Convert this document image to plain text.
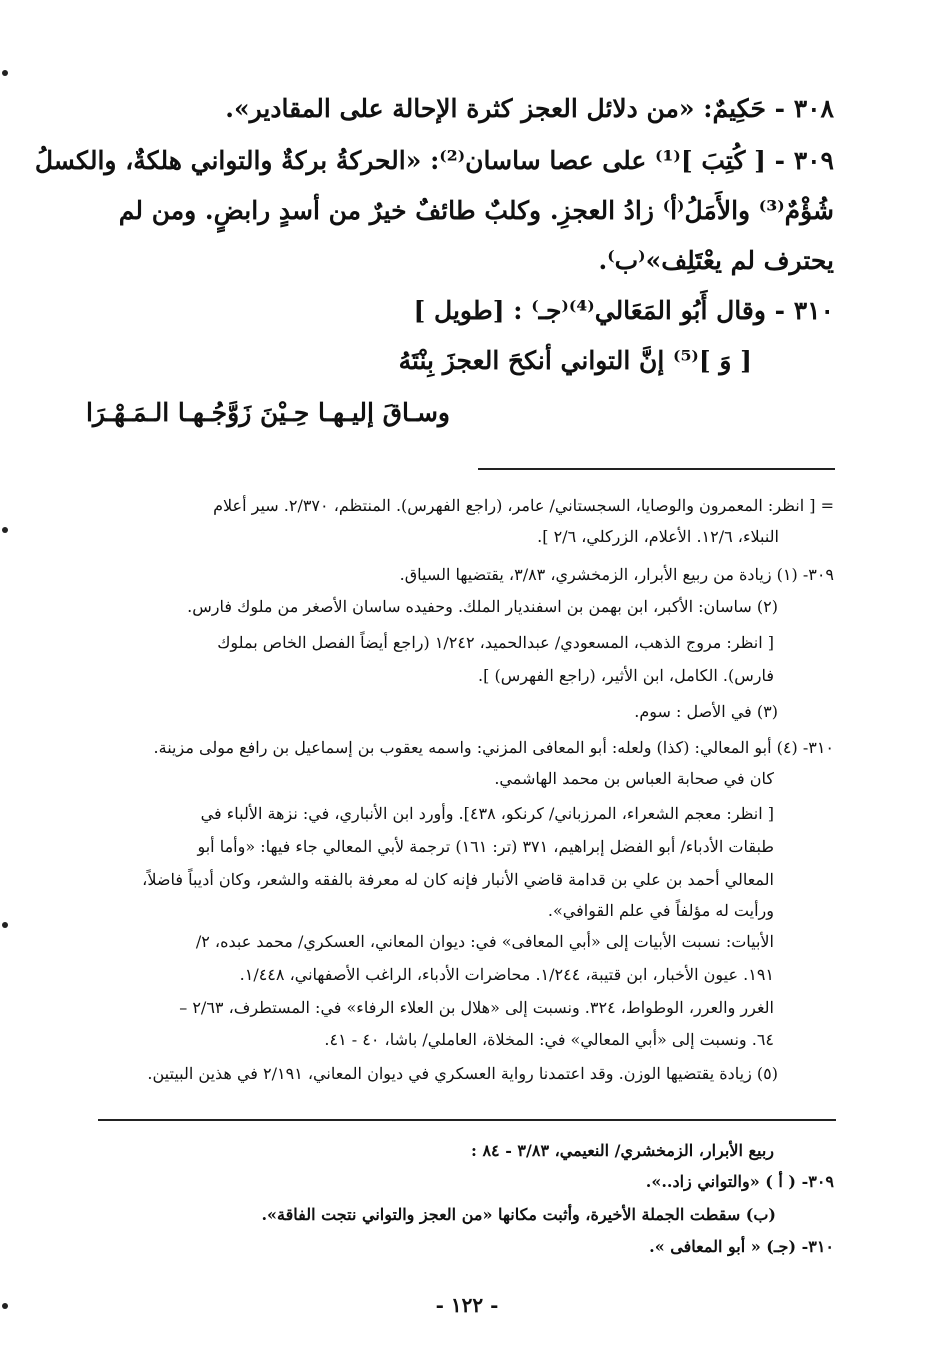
٣٠٨ - حَكِيمٌ: «من دلائل العجز كثرة الإحالة على المقادير».
٣٠٩ - [ كُتِبَ ]⁽¹⁾ على عصا ساسان⁽²⁾: «الحركةُ بركةٌ والتواني هلكةٌ، والكسلُ
شُؤْمٌ⁽³⁾ والأَمَلُ⁽أ⁾ زادُ العجزِ. وكلبٌ طائفٌ خيرٌ من أسدٍ رابضٍ. ومن لم
يحترف لم يعْتَلِف»⁽ب⁾.
٣١٠ - وقال أَبُو المَعَالي⁽⁴⁾⁽جـ⁾ : [طويل ]
[ وَ ]⁽⁵⁾ إنَّ التواني أنكحَ العجزَ بِنْتَهُ
وسـاقَ إليـهـا حِـيْنَ زَوَّجُـهـا الـمَـهْـرَا
= [ انظر: المعمرون والوصايا، السجستاني/ عامر، (راجع الفهرس). المنتظم، ٢/٣٧٠. سير أعلام
النبلاء، ١٢/٦. الأعلام، الزركلي، ٢/٦ ].
٣٠٩- (١) زيادة من ربيع الأبرار، الزمخشري، ٣/٨٣، يقتضيها السياق.
(٢) ساسان: الأكبر، ابن بهمن بن اسفنديار الملك. وحفيده ساسان الأصغر من ملوك فارس.
[ انظر: مروج الذهب، المسعودي/ عبدالحميد، ١/٢٤٢ (راجع أيضاً الفصل الخاص بملوك
فارس). الكامل، ابن الأثير، (راجع الفهرس) ].
(٣) في الأصل : سوم.
٣١٠- (٤) أبو المعالي: (كذا) ولعله: أبو المعافى المزني: واسمه يعقوب بن إسماعيل بن رافع مولى مزينة.
كان في صحابة العباس بن محمد الهاشمي.
[ انظر: معجم الشعراء، المرزباني/ كرنكو، ٤٣٨]. وأورد ابن الأنباري، في: نزهة الألباء في
طبقات الأدباء/ أبو الفضل إبراهيم، ٣٧١ (تر: ١٦١) ترجمة لأبي المعالي جاء فيها: «وأما أبو
المعالي أحمد بن علي بن قدامة قاضي الأنبار فإنه كان له معرفة بالفقه والشعر، وكان أديباً فاضلاً،
ورأيت له مؤلفاً في علم القوافي».
الأبيات: نسبت الأبيات إلى «أبي المعافى» في: ديوان المعاني، العسكري/ محمد عبده، ٢/
١٩١. عيون الأخبار، ابن قتيبة، ١/٢٤٤. محاضرات الأدباء، الراغب الأصفهاني، ١/٤٤٨.
الغرر والعرر، الوطواط، ٣٢٤. ونسبت إلى «هلال بن العلاء الرفاء» في: المستطرف، ٢/٦٣ –
٦٤. ونسبت إلى «أبي المعالي» في: المخلاة، العاملي/ باشا، ٤٠ - ٤١.
(٥) زيادة يقتضيها الوزن. وقد اعتمدنا رواية العسكري في ديوان المعاني، ٢/١٩١ في هذين البيتين.
ربيع الأبرار، الزمخشري/ النعيمي، ٣/٨٣ - ٨٤ :
٣٠٩- ( أ ) «والتواني زاد..».
(ب) سقطت الجملة الأخيرة، وأثبت مكانها «من العجز والتواني نتجت الفاقة».
٣١٠- (جـ) « أبو المعافى ».
- ١٢٢ -
